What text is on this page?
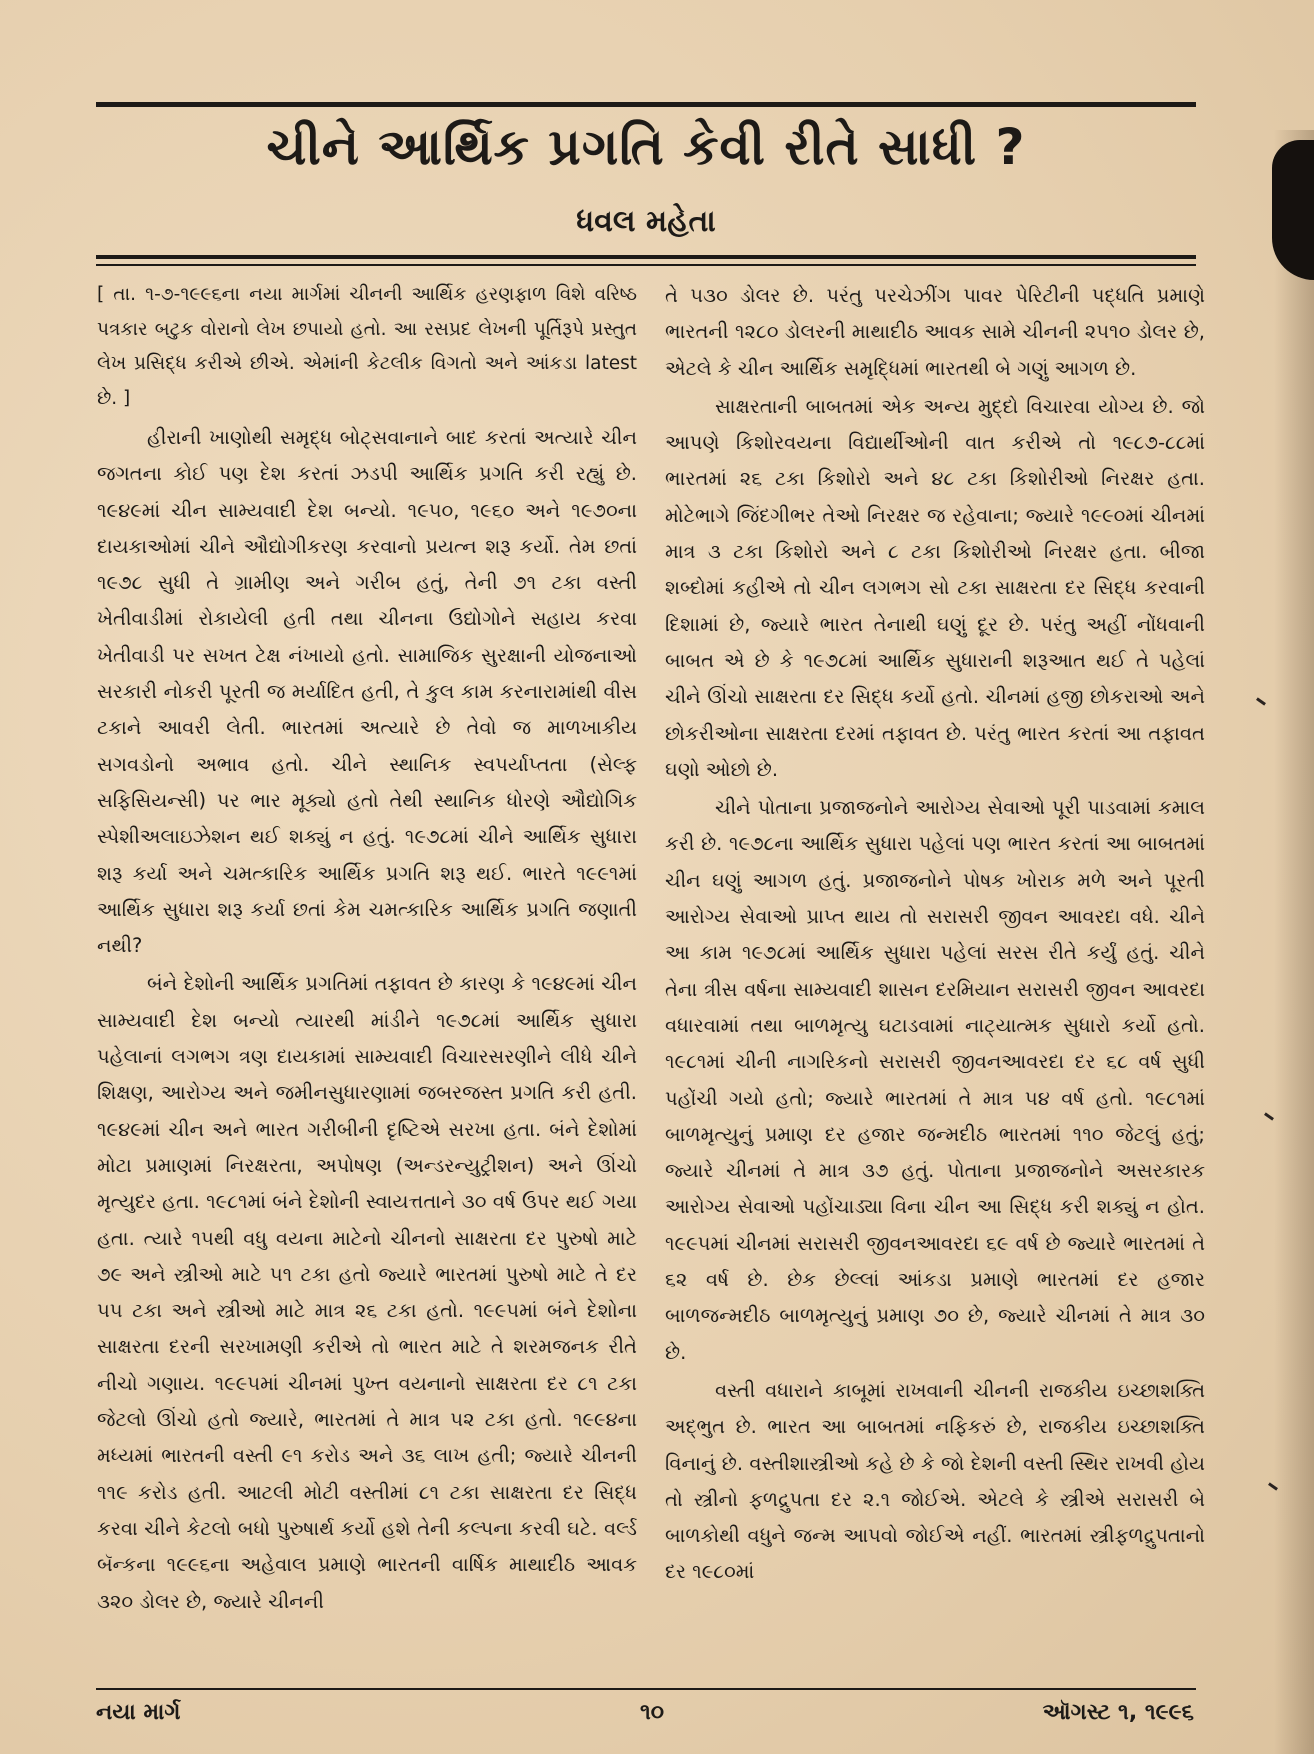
ચીને આર્થિક પ્રગતિ કેવી રીતે સાધી ?
ધવલ મહેતા

[ તા. ૧-૭-૧૯૯૬ના નયા માર્ગમાં ચીનની આર્થિક હરણફાળ વિશે વરિષ્ઠ પત્રકાર બટુક વોરાનો લેખ છપાયો હતો. આ રસપ્રદ લેખની પૂર્તિરૂપે પ્રસ્તુત લેખ પ્રસિદ્ધ કરીએ છીએ. એમાંની કેટલીક વિગતો અને આંકડા latest છે. ]

હીરાની ખાણોથી સમૃદ્ધ બોટ્સવાનાને બાદ કરતાં અત્યારે ચીન જગતના કોઈ પણ દેશ કરતાં ઝડપી આર્થિક પ્રગતિ કરી રહ્યું છે. ૧૯૪૯માં ચીન સામ્યવાદી દેશ બન્યો. ૧૯૫૦, ૧૯૬૦ અને ૧૯૭૦ના દાયકાઓમાં ચીને ઔદ્યોગીકરણ કરવાનો પ્રયત્ન શરૂ કર્યો. તેમ છતાં ૧૯૭૮ સુધી તે ગ્રામીણ અને ગરીબ હતું, તેની ૭૧ ટકા વસ્તી ખેતીવાડીમાં રોકાયેલી હતી તથા ચીનના ઉદ્યોગોને સહાય કરવા ખેતીવાડી પર સખત ટેક્ષ નંખાયો હતો. સામાજિક સુરક્ષાની યોજનાઓ સરકારી નોકરી પૂરતી જ મર્યાદિત હતી, તે કુલ કામ કરનારામાંથી વીસ ટકાને આવરી લેતી. ભારતમાં અત્યારે છે તેવો જ માળખાકીય સગવડોનો અભાવ હતો. ચીને સ્થાનિક સ્વપર્યાપ્તતા (સેલ્ફ સફિસિયન્સી) પર ભાર મૂક્યો હતો તેથી સ્થાનિક ધોરણે ઔદ્યોગિક સ્પેશીઅલાઇઝેશન થઈ શક્યું ન હતું. ૧૯૭૮માં ચીને આર્થિક સુધારા શરૂ કર્યા અને ચમત્કારિક આર્થિક પ્રગતિ શરૂ થઈ. ભારતે ૧૯૯૧માં આર્થિક સુધારા શરૂ કર્યા છતાં કેમ ચમત્કારિક આર્થિક પ્રગતિ જણાતી નથી?

બંને દેશોની આર્થિક પ્રગતિમાં તફાવત છે કારણ કે ૧૯૪૯માં ચીન સામ્યવાદી દેશ બન્યો ત્યારથી માંડીને ૧૯૭૮માં આર્થિક સુધારા પહેલાનાં લગભગ ત્રણ દાયકામાં સામ્યવાદી વિચારસરણીને લીધે ચીને શિક્ષણ, આરોગ્ય અને જમીનસુધારણામાં જબરજસ્ત પ્રગતિ કરી હતી. ૧૯૪૯માં ચીન અને ભારત ગરીબીની દૃષ્ટિએ સરખા હતા. બંને દેશોમાં મોટા પ્રમાણમાં નિરક્ષરતા, અપોષણ (અન્ડરન્યુટ્રીશન) અને ઊંચો મૃત્યુદર હતા. ૧૯૮૧માં બંને દેશોની સ્વાયત્તતાને ૩૦ વર્ષ ઉપર થઈ ગયા હતા. ત્યારે ૧૫થી વધુ વયના માટેનો ચીનનો સાક્ષરતા દર પુરુષો માટે ૭૯ અને સ્ત્રીઓ માટે ૫૧ ટકા હતો જ્યારે ભારતમાં પુરુષો માટે તે દર ૫૫ ટકા અને સ્ત્રીઓ માટે માત્ર ૨૬ ટકા હતો. ૧૯૯૫માં બંને દેશોના સાક્ષરતા દરની સરખામણી કરીએ તો ભારત માટે તે શરમજનક રીતે નીચો ગણાય. ૧૯૯૫માં ચીનમાં પુખ્ત વયનાનો સાક્ષરતા દર ૮૧ ટકા જેટલો ઊંચો હતો જ્યારે, ભારતમાં તે માત્ર ૫૨ ટકા હતો. ૧૯૯૪ના મધ્યમાં ભારતની વસ્તી ૯૧ કરોડ અને ૩૬ લાખ હતી; જ્યારે ચીનની ૧૧૯ કરોડ હતી. આટલી મોટી વસ્તીમાં ૮૧ ટકા સાક્ષરતા દર સિદ્ધ કરવા ચીને કેટલો બધો પુરુષાર્થ કર્યો હશે તેની કલ્પના કરવી ઘટે. વર્લ્ડ બૅન્કના ૧૯૯૬ના અહેવાલ પ્રમાણે ભારતની વાર્ષિક માથાદીઠ આવક ૩૨૦ ડોલર છે, જ્યારે ચીનની

તે ૫૩૦ ડોલર છે. પરંતુ પરચેઝીંગ પાવર પેરિટીની પદ્ધતિ પ્રમાણે ભારતની ૧૨૮૦ ડોલરની માથાદીઠ આવક સામે ચીનની ૨૫૧૦ ડોલર છે, એટલે કે ચીન આર્થિક સમૃદ્ધિમાં ભારતથી બે ગણું આગળ છે.

સાક્ષરતાની બાબતમાં એક અન્ય મુદ્દો વિચારવા યોગ્ય છે. જો આપણે કિશોરવયના વિદ્યાર્થીઓની વાત કરીએ તો ૧૯૮૭-૮૮માં ભારતમાં ૨૬ ટકા કિશોરો અને ૪૮ ટકા કિશોરીઓ નિરક્ષર હતા. મોટેભાગે જિંદગીભર તેઓ નિરક્ષર જ રહેવાના; જ્યારે ૧૯૯૦માં ચીનમાં માત્ર ૩ ટકા કિશોરો અને ૮ ટકા કિશોરીઓ નિરક્ષર હતા. બીજા શબ્દોમાં કહીએ તો ચીન લગભગ સો ટકા સાક્ષરતા દર સિદ્ધ કરવાની દિશામાં છે, જ્યારે ભારત તેનાથી ઘણું દૂર છે. પરંતુ અહીં નોંધવાની બાબત એ છે કે ૧૯૭૮માં આર્થિક સુધારાની શરૂઆત થઈ તે પહેલાં ચીને ઊંચો સાક્ષરતા દર સિદ્ધ કર્યો હતો. ચીનમાં હજી છોકરાઓ અને છોકરીઓના સાક્ષરતા દરમાં તફાવત છે. પરંતુ ભારત કરતાં આ તફાવત ઘણો ઓછો છે.

ચીને પોતાના પ્રજાજનોને આરોગ્ય સેવાઓ પૂરી પાડવામાં કમાલ કરી છે. ૧૯૭૮ના આર્થિક સુધારા પહેલાં પણ ભારત કરતાં આ બાબતમાં ચીન ઘણું આગળ હતું. પ્રજાજનોને પોષક ખોરાક મળે અને પૂરતી આરોગ્ય સેવાઓ પ્રાપ્ત થાય તો સરાસરી જીવન આવરદા વધે. ચીને આ કામ ૧૯૭૮માં આર્થિક સુધારા પહેલાં સરસ રીતે કર્યું હતું. ચીને તેના ત્રીસ વર્ષના સામ્યવાદી શાસન દરમિયાન સરાસરી જીવન આવરદા વધારવામાં તથા બાળમૃત્યુ ઘટાડવામાં નાટ્યાત્મક સુધારો કર્યો હતો. ૧૯૮૧માં ચીની નાગરિકનો સરાસરી જીવનઆવરદા દર ૬૮ વર્ષ સુધી પહોંચી ગયો હતો; જ્યારે ભારતમાં તે માત્ર ૫૪ વર્ષ હતો. ૧૯૮૧માં બાળમૃત્યુનું પ્રમાણ દર હજાર જન્મદીઠ ભારતમાં ૧૧૦ જેટલું હતું; જ્યારે ચીનમાં તે માત્ર ૩૭ હતું. પોતાના પ્રજાજનોને અસરકારક આરોગ્ય સેવાઓ પહોંચાડ્યા વિના ચીન આ સિદ્ધ કરી શક્યું ન હોત. ૧૯૯૫માં ચીનમાં સરાસરી જીવનઆવરદા ૬૯ વર્ષ છે જ્યારે ભારતમાં તે ૬૨ વર્ષ છે. છેક છેલ્લાં આંકડા પ્રમાણે ભારતમાં દર હજાર બાળજન્મદીઠ બાળમૃત્યુનું પ્રમાણ ૭૦ છે, જ્યારે ચીનમાં તે માત્ર ૩૦ છે.

વસ્તી વધારાને કાબૂમાં રાખવાની ચીનની રાજકીય ઇચ્છાશક્તિ અદ્ભુત છે. ભારત આ બાબતમાં નફિકરું છે, રાજકીય ઇચ્છાશક્તિ વિનાનું છે. વસ્તીશાસ્ત્રીઓ કહે છે કે જો દેશની વસ્તી સ્થિર રાખવી હોય તો સ્ત્રીનો ફળદ્રુપતા દર ૨.૧ જોઈએ. એટલે કે સ્ત્રીએ સરાસરી બે બાળકોથી વધુને જન્મ આપવો જોઈએ નહીં. ભારતમાં સ્ત્રીફળદ્રુપતાનો દર ૧૯૮૦માં

નયા માર્ગ	૧૦	ઑગસ્ટ ૧, ૧૯૯૬
